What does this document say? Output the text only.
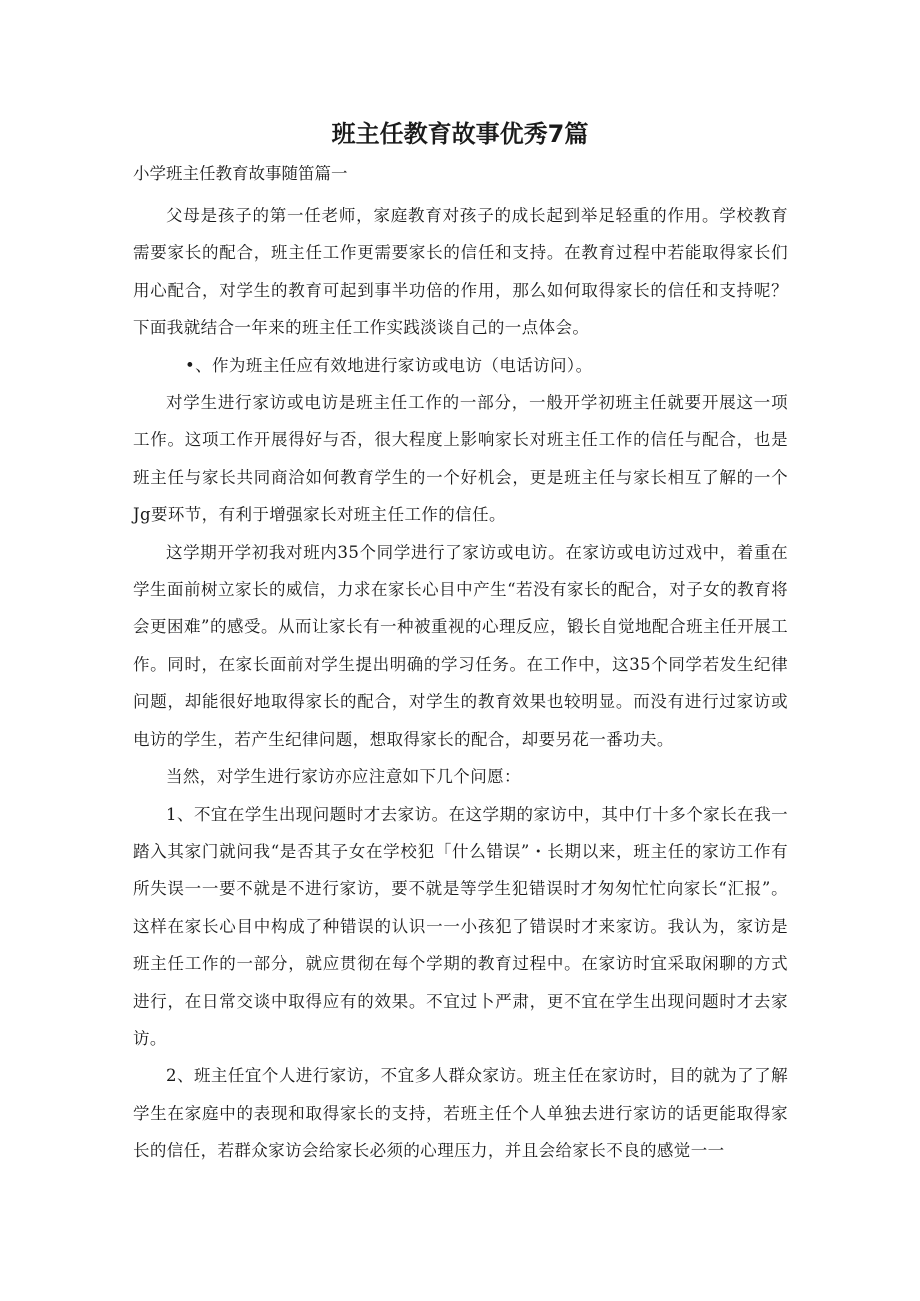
班主任教育故事优秀7篇

小学班主任教育故事随笛篇一

父母是孩子的第一任老师，家庭教育对孩子的成长起到举足轻重的作用。学校教育需要家长的配合，班主任工作更需要家长的信任和支持。在教育过程中若能取得家长们用心配合，对学生的教育可起到事半功倍的作用，那么如何取得家长的信任和支持呢？下面我就结合一年来的班主任工作实践淡谈自己的一点体会。

•、作为班主任应有效地进行家访或电访（电话访问）。

对学生进行家访或电访是班主任工作的一部分，一般开学初班主任就要开展这一项工作。这项工作开展得好与否，很大程度上影响家长对班主任工作的信任与配合，也是班主任与家长共同商洽如何教育学生的一个好机会，更是班主任与家长相互了解的一个Jg要环节，有利于增强家长对班主任工作的信任。

这学期开学初我对班内35个同学进行了家访或电访。在家访或电访过戏中，着重在学生面前树立家长的威信，力求在家长心目中产生“若没有家长的配合，对子女的教育将会更困难”的感受。从而让家长有一种被重视的心理反应，锻长自觉地配合班主任开展工作。同时，在家长面前对学生提出明确的学习任务。在工作中，这35个同学若发生纪律问题，却能很好地取得家长的配合，对学生的教育效果也较明显。而没有进行过家访或电访的学生，若产生纪律问题，想取得家长的配合，却要另花一番功夫。

当然，对学生进行家访亦应注意如下几个问愿：

1、不宜在学生出现问题时才去家访。在这学期的家访中，其中仃十多个家长在我一踏入其家门就问我“是否其子女在学校犯「什么错误”・长期以来，班主任的家访工作有所失误一一要不就是不进行家访，要不就是等学生犯错误时才匆匆忙忙向家长“汇报”。这样在家长心目中构成了种错误的认识一一小孩犯了错误时才来家访。我认为，家访是班主任工作的一部分，就应贯彻在每个学期的教育过程中。在家访时宜采取闲聊的方式进行，在日常交谈中取得应有的效果。不宜过卜严肃，更不宜在学生出现问题时才去家访。

2、班主任宜个人进行家访，不宜多人群众家访。班主任在家访时，目的就为了了解学生在家庭中的表现和取得家长的支持，若班主任个人单独去进行家访的话更能取得家长的信任，若群众家访会给家长必须的心理压力，并且会给家长不良的感觉一一
